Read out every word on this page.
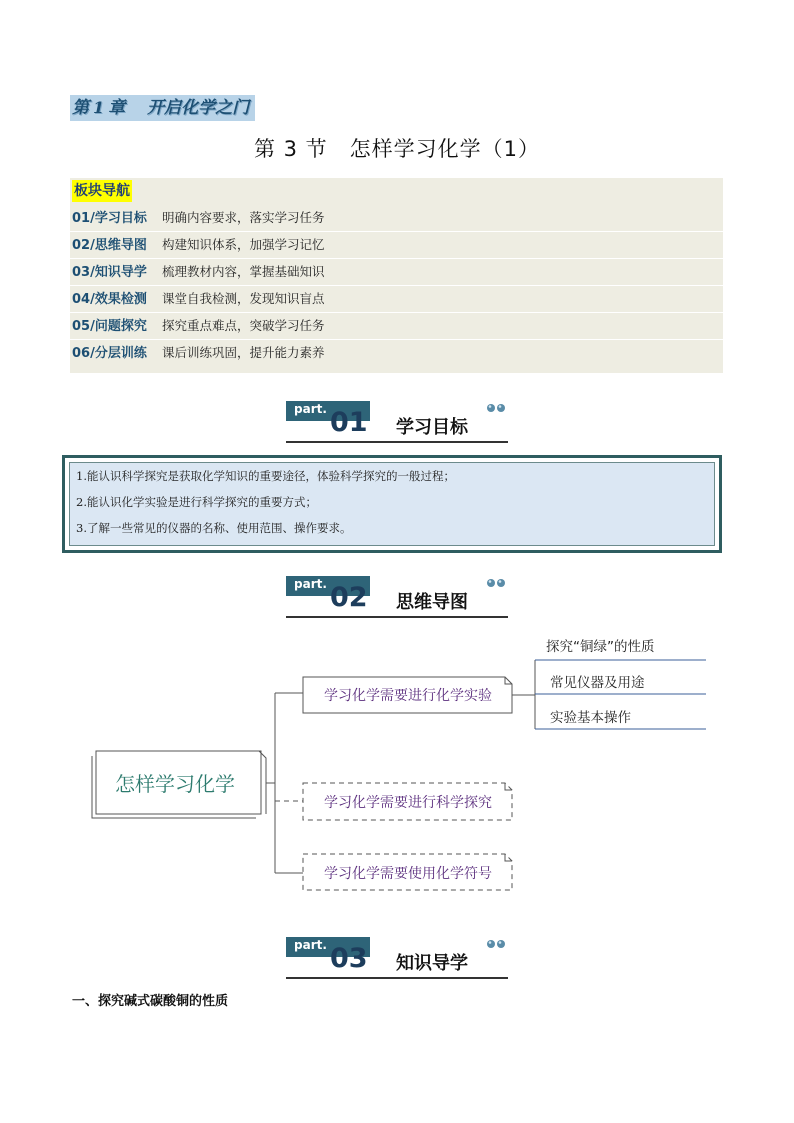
第 1 章 开启化学之门
第 3 节　怎样学习化学（1）
板块导航
01/学习目标 明确内容要求，落实学习任务
02/思维导图 构建知识体系，加强学习记忆
03/知识导学 梳理教材内容，掌握基础知识
04/效果检测 课堂自我检测，发现知识盲点
05/问题探究 探究重点难点，突破学习任务
06/分层训练 课后训练巩固，提升能力素养
part. 01 学习目标
1.能认识科学探究是获取化学知识的重要途径，体验科学探究的一般过程；
2.能认识化学实验是进行科学探究的重要方式；
3.了解一些常见的仪器的名称、使用范围、操作要求。
part. 02 思维导图
怎样学习化学
学习化学需要进行化学实验
探究“铜绿”的性质
常见仪器及用途
实验基本操作
学习化学需要进行科学探究
学习化学需要使用化学符号
part. 03 知识导学
一、探究碱式碳酸铜的性质
